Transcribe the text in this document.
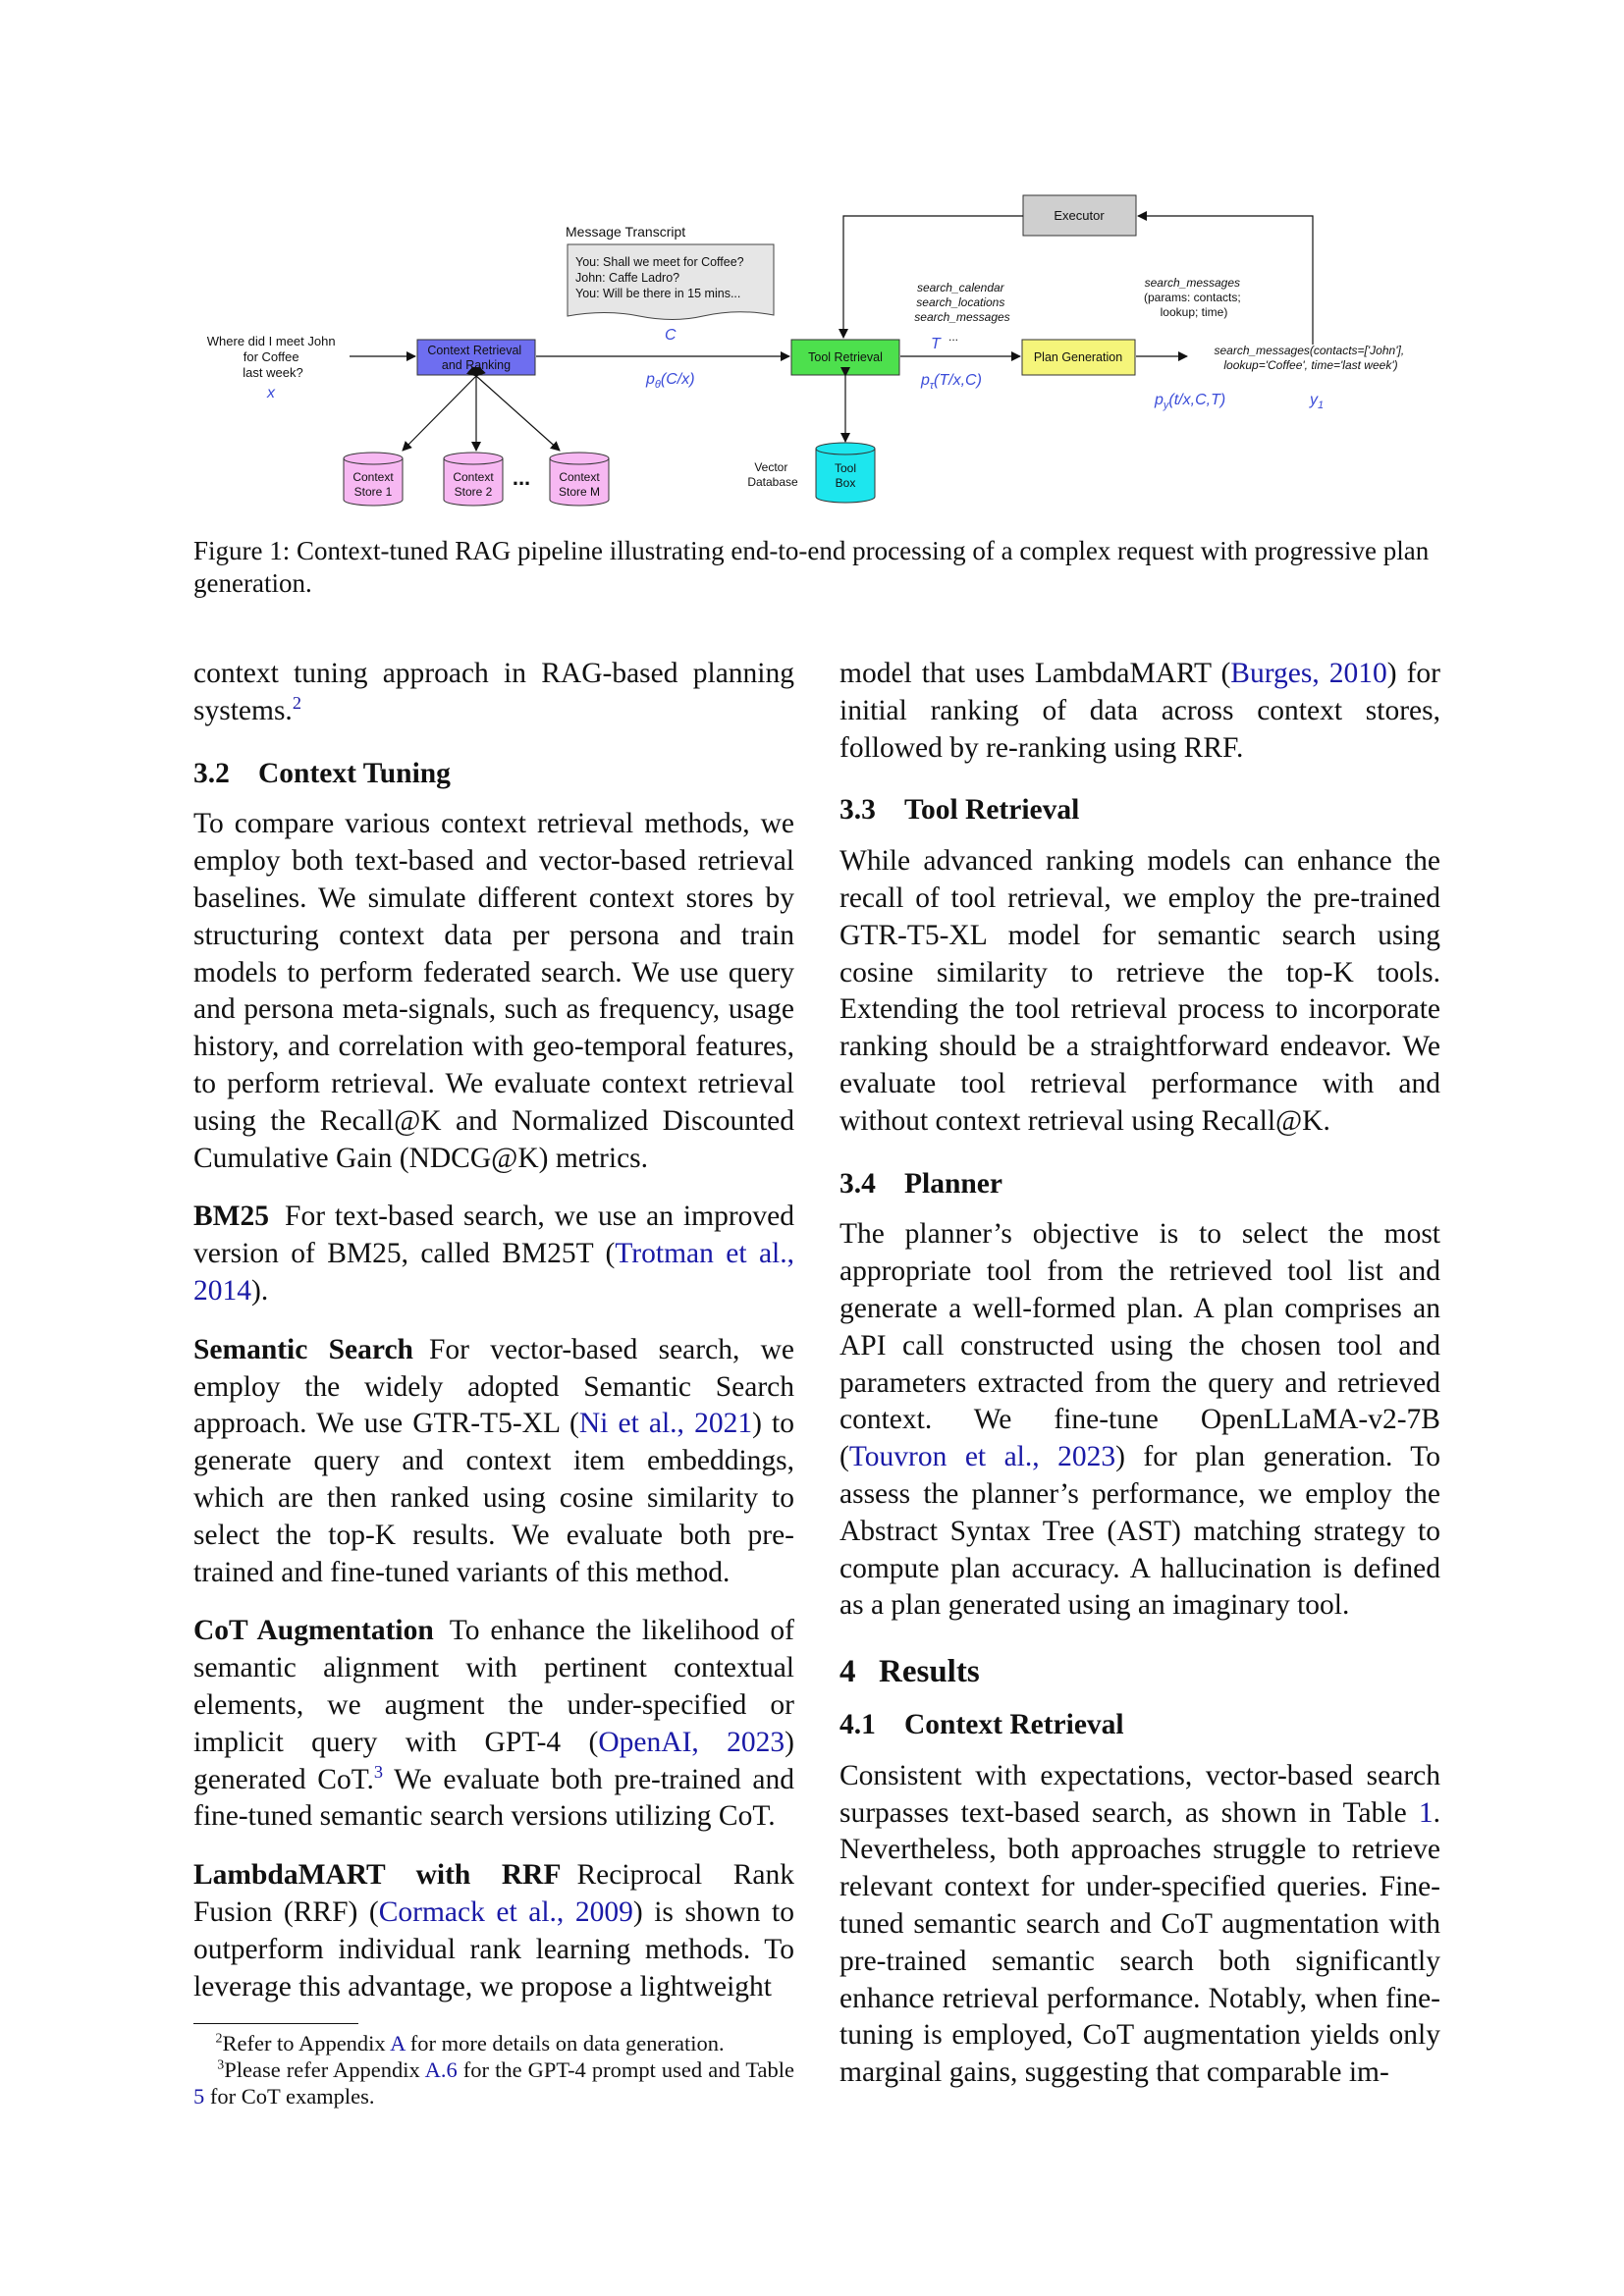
Where did I meet John for Coffee last week?
x
Context Retrieval and Ranking
Message Transcript
You: Shall we meet for Coffee? John: Caffe Ladro? You: Will be there in 15 mins...
C
$p_\theta(C/x)$
Tool Retrieval
search_calendar search_locations search_messages
T ...
$p_\tau(T/x,C)$
Plan Generation
search_messages (params: contacts; lookup; time)
search_messages(contacts=['John'], lookup='Coffee', time='last week')
$p_y(t/x,C,T)$	$y_1$
Executor
Context Store 1
Context Store 2
... Context Store M
Vector Database
Tool Box
Figure 1: Context-tuned RAG pipeline illustrating end-to-end processing of a complex request with progressive plan generation.

context tuning approach in RAG-based planning systems.$^2$

3.2 Context Tuning

To compare various context retrieval methods, we employ both text-based and vector-based retrieval baselines. We simulate different context stores by structuring context data per persona and train models to perform federated search. We use query and persona meta-signals, such as frequency, usage history, and correlation with geo-temporal features, to perform retrieval. We evaluate context retrieval using the Recall@K and Normalized Discounted Cumulative Gain (NDCG@K) metrics.

BM25 For text-based search, we use an improved version of BM25, called BM25T (Trotman et al., 2014).

Semantic Search For vector-based search, we employ the widely adopted Semantic Search approach. We use GTR-T5-XL (Ni et al., 2021) to generate query and context item embeddings, which are then ranked using cosine similarity to select the top-K results. We evaluate both pre-trained and fine-tuned variants of this method.

CoT Augmentation To enhance the likelihood of semantic alignment with pertinent contextual elements, we augment the under-specified or implicit query with GPT-4 (OpenAI, 2023) generated CoT.$^3$ We evaluate both pre-trained and fine-tuned semantic search versions utilizing CoT.

LambdaMART with RRF Reciprocal Rank Fusion (RRF) (Cormack et al., 2009) is shown to outperform individual rank learning methods. To leverage this advantage, we propose a lightweight

$^2$Refer to Appendix A for more details on data generation.

$^3$Please refer Appendix A.6 for the GPT-4 prompt used and Table 5 for CoT examples.

model that uses LambdaMART (Burges, 2010) for initial ranking of data across context stores, followed by re-ranking using RRF.

3.3 Tool Retrieval

While advanced ranking models can enhance the recall of tool retrieval, we employ the pre-trained GTR-T5-XL model for semantic search using cosine similarity to retrieve the top-K tools. Extending the tool retrieval process to incorporate ranking should be a straightforward endeavor. We evaluate tool retrieval performance with and without context retrieval using Recall@K.

3.4 Planner

The planner’s objective is to select the most appropriate tool from the retrieved tool list and generate a well-formed plan. A plan comprises an API call constructed using the chosen tool and parameters extracted from the query and retrieved context. We fine-tune OpenLLaMA-v2-7B (Touvron et al., 2023) for plan generation. To assess the planner’s performance, we employ the Abstract Syntax Tree (AST) matching strategy to compute plan accuracy. A hallucination is defined as a plan generated using an imaginary tool.

4 Results
4.1 Context Retrieval

Consistent with expectations, vector-based search surpasses text-based search, as shown in Table 1. Nevertheless, both approaches struggle to retrieve relevant context for under-specified queries. Fine-tuned semantic search and CoT augmentation with pre-trained semantic search both significantly enhance retrieval performance. Notably, when fine-tuning is employed, CoT augmentation yields only marginal gains, suggesting that comparable im-
